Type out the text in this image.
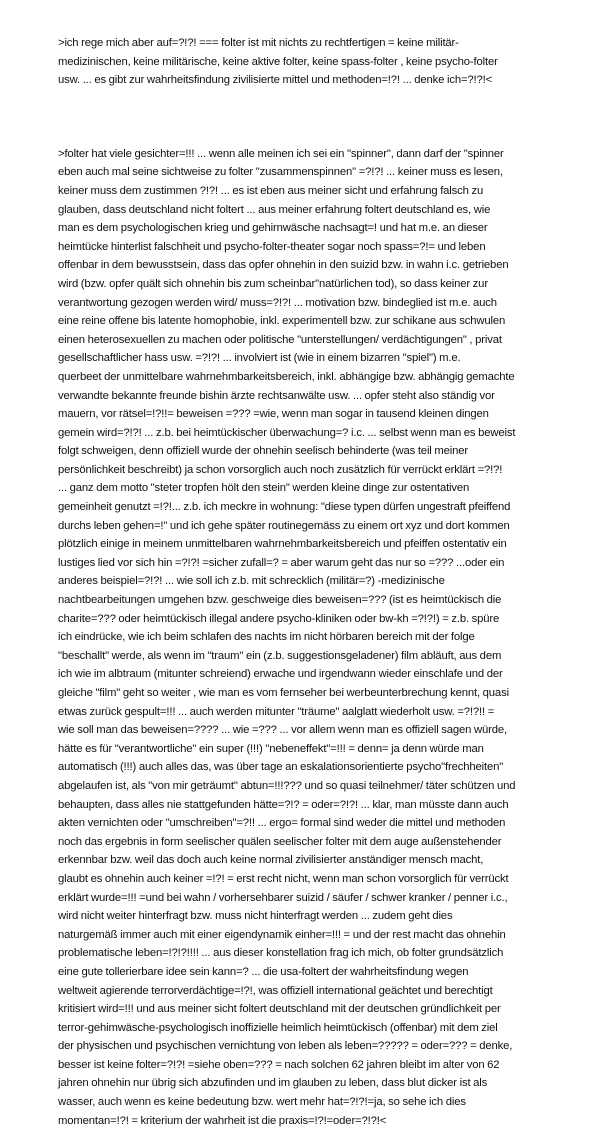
>ich rege mich aber auf=?!?! === folter ist mit nichts zu rechtfertigen = keine militär-
medizinischen, keine militärische, keine aktive folter, keine spass-folter , keine psycho-folter
usw. ... es gibt zur wahrheitsfindung zivilisierte mittel und methoden=!?! ... denke ich=?!?!<

>folter hat viele gesichter=!!! ... wenn alle meinen ich sei ein "spinner", dann darf der "spinner
eben auch mal seine sichtweise zu folter "zusammenspinnen" =?!?! ... keiner muss es lesen,
keiner muss dem zustimmen ?!?! ... es ist eben aus meiner sicht und erfahrung falsch zu
glauben, dass deutschland nicht foltert ... aus meiner erfahrung foltert deutschland es, wie
man es dem psychologischen krieg und gehirnwäsche nachsagt=! und hat m.e. an dieser
heimtücke hinterlist falschheit und psycho-folter-theater sogar noch spass=?!= und leben
offenbar in dem bewusstsein, dass das opfer ohnehin in den suizid bzw. in wahn i.c. getrieben
wird (bzw. opfer quält sich ohnehin bis zum scheinbar"natürlichen tod), so dass keiner zur
verantwortung gezogen werden wird/ muss=?!?! ... motivation bzw. bindeglied ist m.e. auch
eine reine offene bis latente homophobie, inkl. experimentell bzw. zur schikane aus schwulen
einen heterosexuellen zu machen oder politische "unterstellungen/ verdächtigungen" , privat
gesellschaftlicher hass usw. =?!?! ... involviert ist (wie in einem bizarren "spiel") m.e.
querbeet der unmittelbare wahrnehmbarkeitsbereich, inkl. abhängige bzw. abhängig gemachte
verwandte bekannte freunde bishin ärzte rechtsanwälte usw. ... opfer steht also ständig vor
mauern, vor rätsel=!?!!= beweisen =??? =wie, wenn man sogar in tausend kleinen dingen
gemein wird=?!?! ... z.b. bei heimtückischer überwachung=? i.c. ... selbst wenn man es beweist
folgt schweigen, denn offiziell wurde der ohnehin seelisch behinderte (was teil meiner
persönlichkeit beschreibt) ja schon vorsorglich auch noch zusätzlich für verrückt erklärt =?!?!
... ganz dem motto "steter tropfen hölt den stein" werden kleine dinge zur ostentativen
gemeinheit genutzt =!?!... z.b. ich meckre in wohnung: "diese typen dürfen ungestraft pfeiffend
durchs leben gehen=!" und ich gehe später routinegemäss zu einem ort xyz und dort kommen
plötzlich einige in meinem unmittelbaren wahrnehmbarkeitsbereich und pfeiffen ostentativ ein
lustiges lied vor sich hin =?!?! =sicher zufall=? = aber warum geht das nur so =??? ...oder ein
anderes beispiel=?!?! ... wie soll ich z.b. mit schrecklich (militär=?) -medizinische
nachtbearbeitungen umgehen bzw. geschweige dies beweisen=??? (ist es heimtückisch die
charite=??? oder heimtückisch illegal andere psycho-kliniken oder bw-kh =?!?!) = z.b. spüre
ich eindrücke, wie ich beim schlafen des nachts im nicht hörbaren bereich mit der folge
"beschallt" werde, als wenn im "traum" ein (z.b. suggestionsgeladener) film abläuft, aus dem
ich wie im albtraum (mitunter schreiend) erwache und irgendwann wieder einschlafe und der
gleiche "film" geht so weiter , wie man es vom fernseher bei werbeunterbrechung kennt, quasi
etwas zurück gespult=!!! ... auch werden mitunter "träume" aalglatt wiederholt usw. =?!?!! =
wie soll man das beweisen=???? ... wie =??? ... vor allem wenn man es offiziell sagen würde,
hätte es für "verantwortliche" ein super (!!!) "nebeneffekt"=!!! = denn= ja denn würde man
automatisch (!!!) auch alles das, was über tage an eskalationsorientierte psycho"frechheiten"
abgelaufen ist, als "von mir geträumt" abtun=!!!??? und so quasi teilnehmer/ täter schützen und
behaupten, dass alles nie stattgefunden hätte=?!? = oder=?!?! ... klar, man müsste dann auch
akten vernichten oder "umschreiben"=?!! ... ergo= formal sind weder die mittel und methoden
noch das ergebnis in form seelischer quälen seelischer folter mit dem auge außenstehender
erkennbar bzw. weil das doch auch keine normal zivilisierter anständiger mensch macht,
glaubt es ohnehin auch keiner =!?! = erst recht nicht, wenn man schon vorsorglich für verrückt
erklärt wurde=!!! =und bei wahn / vorhersehbarer suizid / säufer / schwer kranker / penner i.c.,
wird nicht weiter hinterfragt bzw. muss nicht hinterfragt werden ... zudem geht dies
naturgemäß immer auch mit einer eigendynamik einher=!!! = und der rest macht das ohnehin
problematische leben=!?!?!!!! ... aus dieser konstellation frag ich mich, ob folter grundsätzlich
eine gute tollerierbare idee sein kann=? ... die usa-foltert der wahrheitsfindung wegen
weltweit agierende terrorverdächtige=!?!, was offiziell international geächtet und berechtigt
kritisiert wird=!!! und aus meiner sicht foltert deutschland mit der deutschen gründlichkeit per
terror-gehimwäsche-psychologisch inoffizielle heimlich heimtückisch (offenbar) mit dem ziel
der physischen und psychischen vernichtung von leben als leben=????? = oder=??? = denke,
besser ist keine folter=?!?! =siehe oben=??? = nach solchen 62 jahren bleibt im alter von 62
jahren ohnehin nur übrig sich abzufinden und im glauben zu leben, dass blut dicker ist als
wasser, auch wenn es keine bedeutung bzw. wert mehr hat=?!?!=ja, so sehe ich dies
momentan=!?! = kriterium der wahrheit ist die praxis=!?!=oder=?!?!<
